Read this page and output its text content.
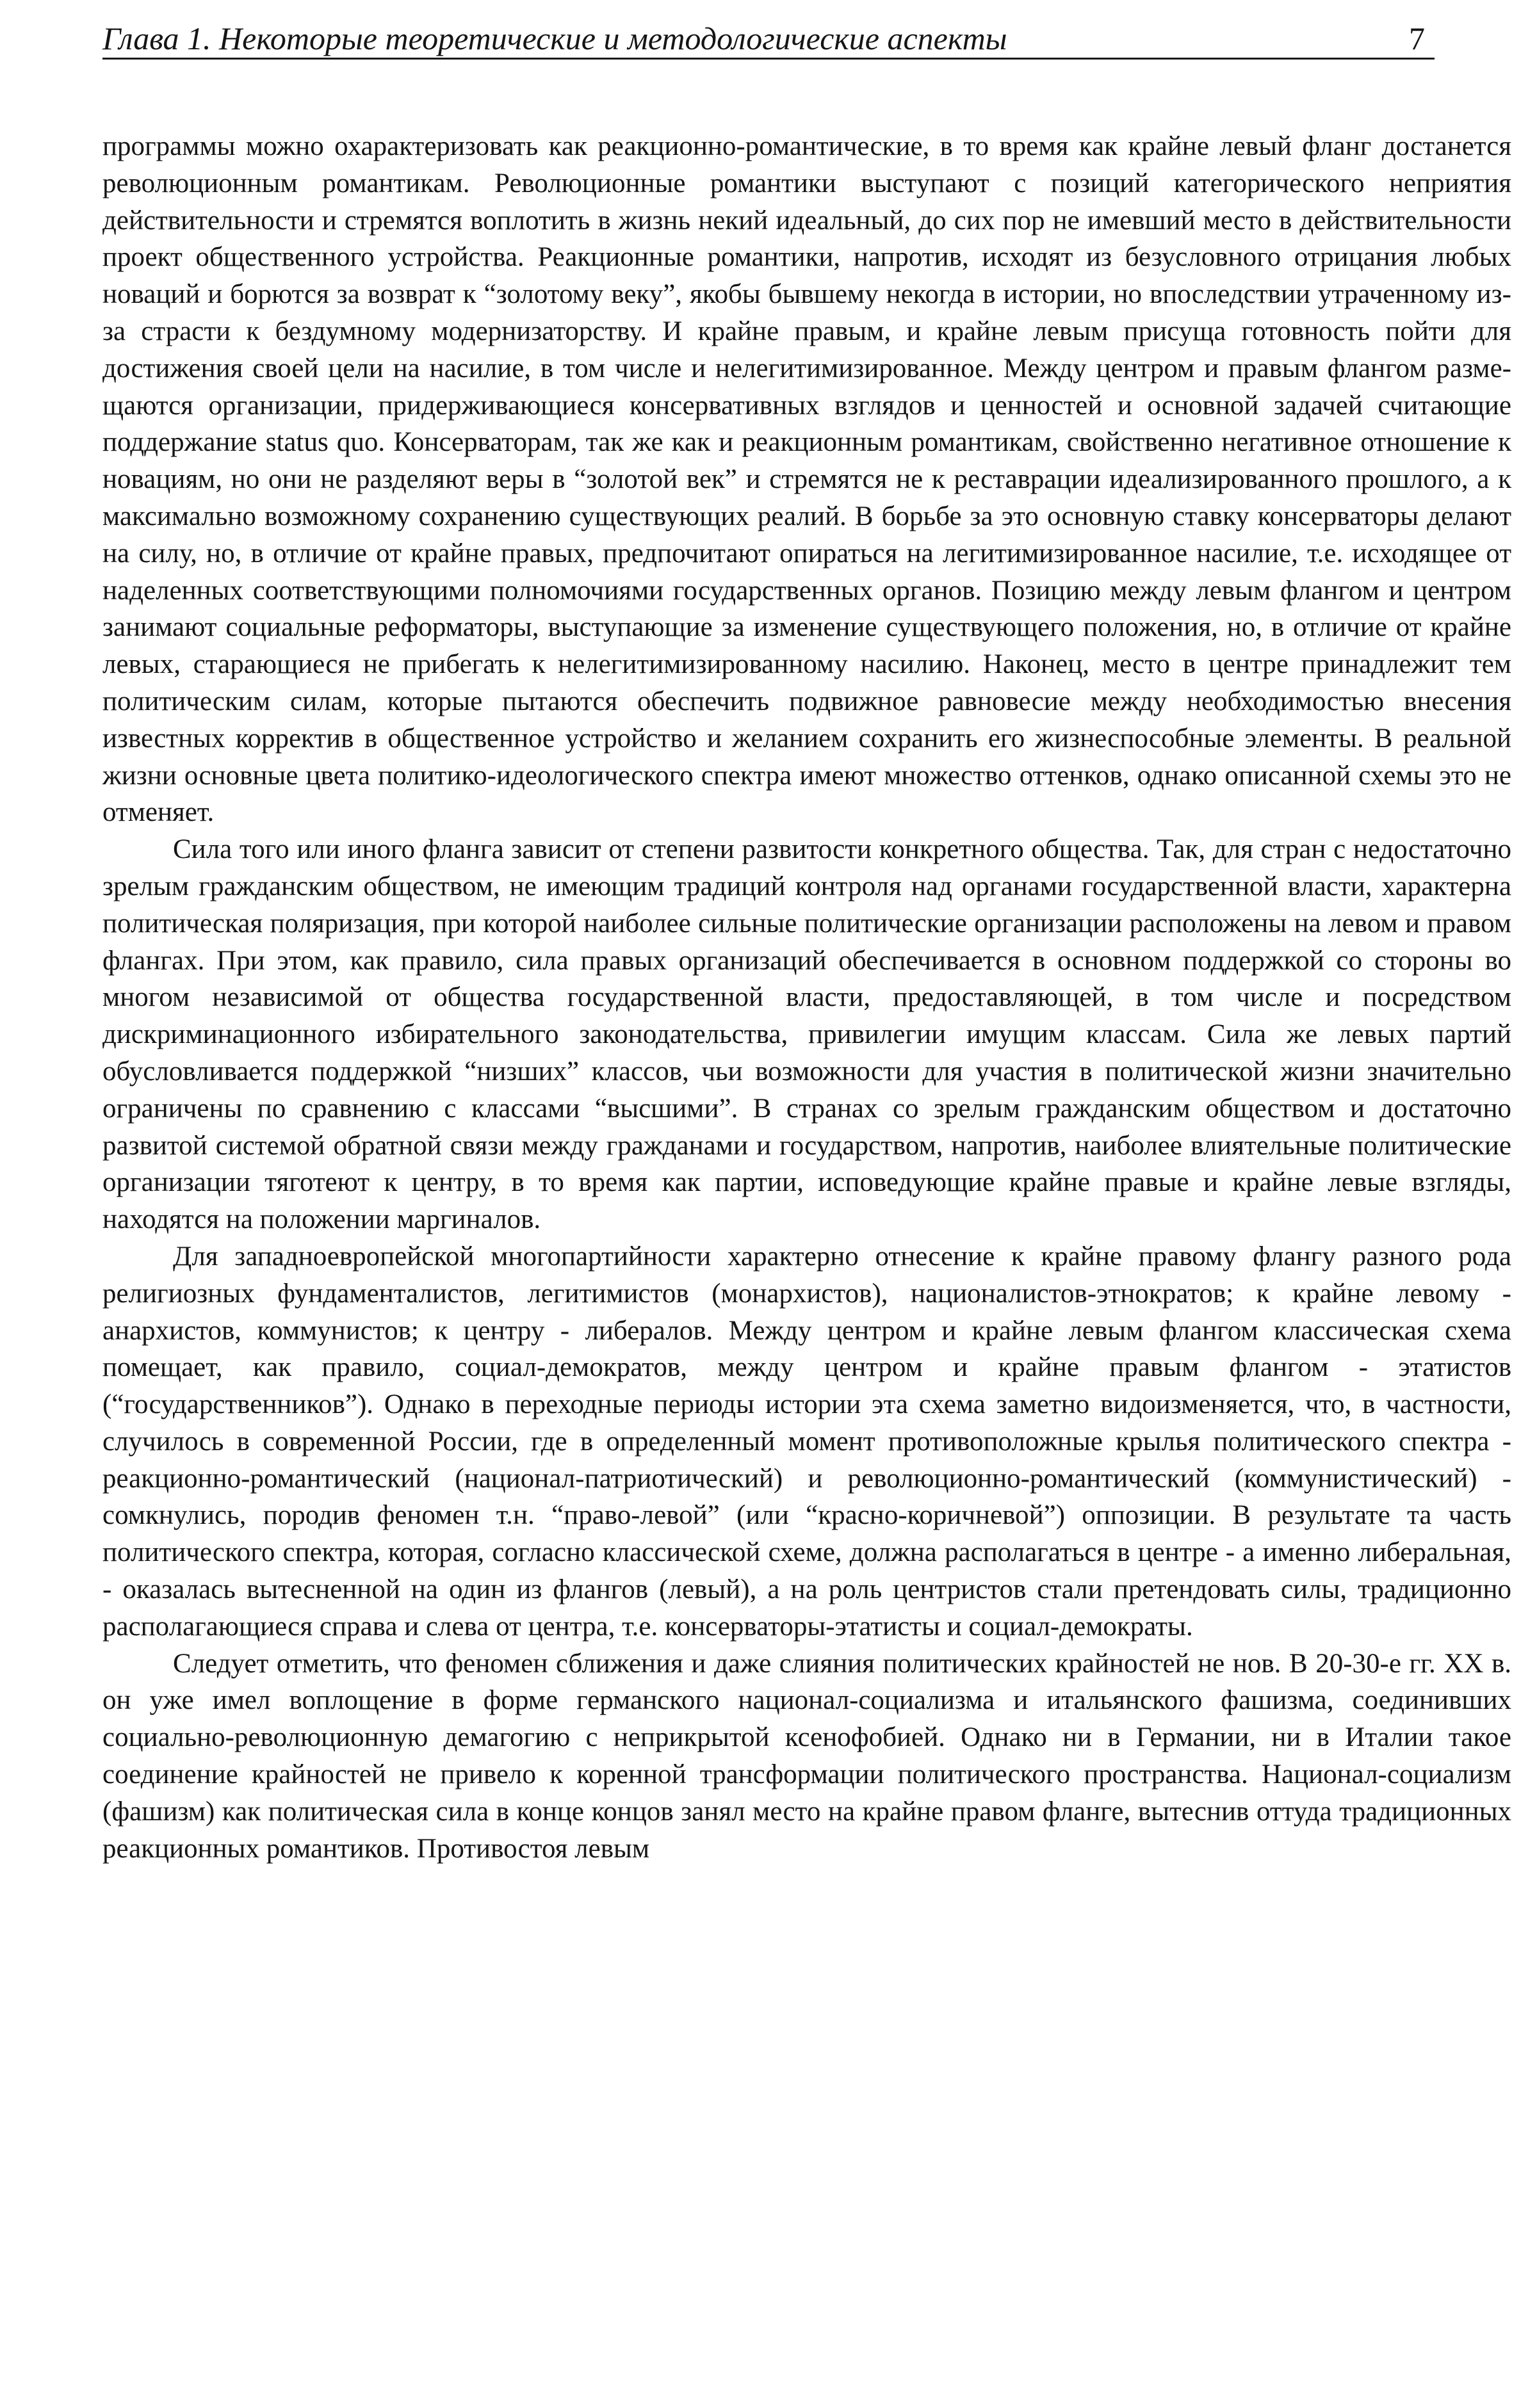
Глава 1. Некоторые теоретические и методологические аспекты	7

программы можно охарактеризовать как реакционно-романтические, в то время как крайне левый фланг достанется революционным романтикам. Революционные романтики выступают с позиций категорического неприятия действительности и стремятся воплотить в жизнь некий идеальный, до сих пор не имевший место в действительности проект общественного устройства. Реакционные романтики, напротив, исходят из безусловного отрицания любых новаций и борются за возврат к “золотому веку”, якобы бывшему некогда в истории, но впоследствии утраченному из-за страсти к бездумному модернизаторству. И крайне правым, и крайне левым присуща готовность пойти для достижения своей цели на насилие, в том числе и нелегитимизированное. Между центром и правым флангом размещаются организации, придерживающиеся консервативных взглядов и ценностей и основной задачей считающие поддержание status quo. Консерваторам, так же как и реакционным романтикам, свойственно негативное отношение к новациям, но они не разделяют веры в “золотой век” и стремятся не к реставрации идеализированного прошлого, а к максимально возможному сохранению существующих реалий. В борьбе за это основную ставку консерваторы делают на силу, но, в отличие от крайне правых, предпочитают опираться на легитимизированное насилие, т.е. исходящее от наделенных соответствующими полномочиями государственных органов. Позицию между левым флангом и центром занимают социальные реформаторы, выступающие за изменение существующего положения, но, в отличие от крайне левых, старающиеся не прибегать к нелегитимизированному насилию. Наконец, место в центре принадлежит тем политическим силам, которые пытаются обеспечить подвижное равновесие между необходимостью внесения известных корректив в общественное устройство и желанием сохранить его жизнеспособные элементы. В реальной жизни основные цвета политико-идеологического спектра имеют множество оттенков, однако описанной схемы это не отменяет.

Сила того или иного фланга зависит от степени развитости конкретного общества. Так, для стран с недостаточно зрелым гражданским обществом, не имеющим традиций контроля над органами государственной власти, характерна политическая поляризация, при которой наиболее сильные политические организации расположены на левом и правом флангах. При этом, как правило, сила правых организаций обеспечивается в основном поддержкой со стороны во многом независимой от общества государственной власти, предоставляющей, в том числе и посредством дискриминационного избирательного законодательства, привилегии имущим классам. Сила же левых партий обусловливается поддержкой “низших” классов, чьи возможности для участия в политической жизни значительно ограничены по сравнению с классами “высшими”. В странах со зрелым гражданским обществом и достаточно развитой системой обратной связи между гражданами и государством, напротив, наиболее влиятельные политические организации тяготеют к центру, в то время как партии, исповедующие крайне правые и крайне левые взгляды, находятся на положении маргиналов.

Для западноевропейской многопартийности характерно отнесение к крайне правому флангу разного рода религиозных фундаменталистов, легитимистов (монархистов), националистов-этнократов; к крайне левому - анархистов, коммунистов; к центру - либералов. Между центром и крайне левым флангом классическая схема помещает, как правило, социал-демократов, между центром и крайне правым флангом - этатистов (“государственников”). Однако в переходные периоды истории эта схема заметно видоизменяется, что, в частности, случилось в современной России, где в определенный момент противоположные крылья политического спектра - реакционно-романтический (национал-патриотический) и революционно-романтический (коммунистический) - сомкнулись, породив феномен т.н. “право-левой” (или “красно-коричневой”) оппозиции. В результате та часть политического спектра, которая, согласно классической схеме, должна располагаться в центре - а именно либеральная, - оказалась вытесненной на один из флангов (левый), а на роль центристов стали претендовать силы, традиционно располагающиеся справа и слева от центра, т.е. консерваторы-этатисты и социал-демократы.

Следует отметить, что феномен сближения и даже слияния политических крайностей не нов. В 20-30-е гг. XX в. он уже имел воплощение в форме германского национал-социализма и итальянского фашизма, соединивших социально-революционную демагогию с неприкрытой ксенофобией. Однако ни в Германии, ни в Италии такое соединение крайностей не привело к коренной трансформации политического пространства. Национал-социализм (фашизм) как политическая сила в конце концов занял место на крайне правом фланге, вытеснив оттуда традиционных реакционных романтиков. Противостоя левым
